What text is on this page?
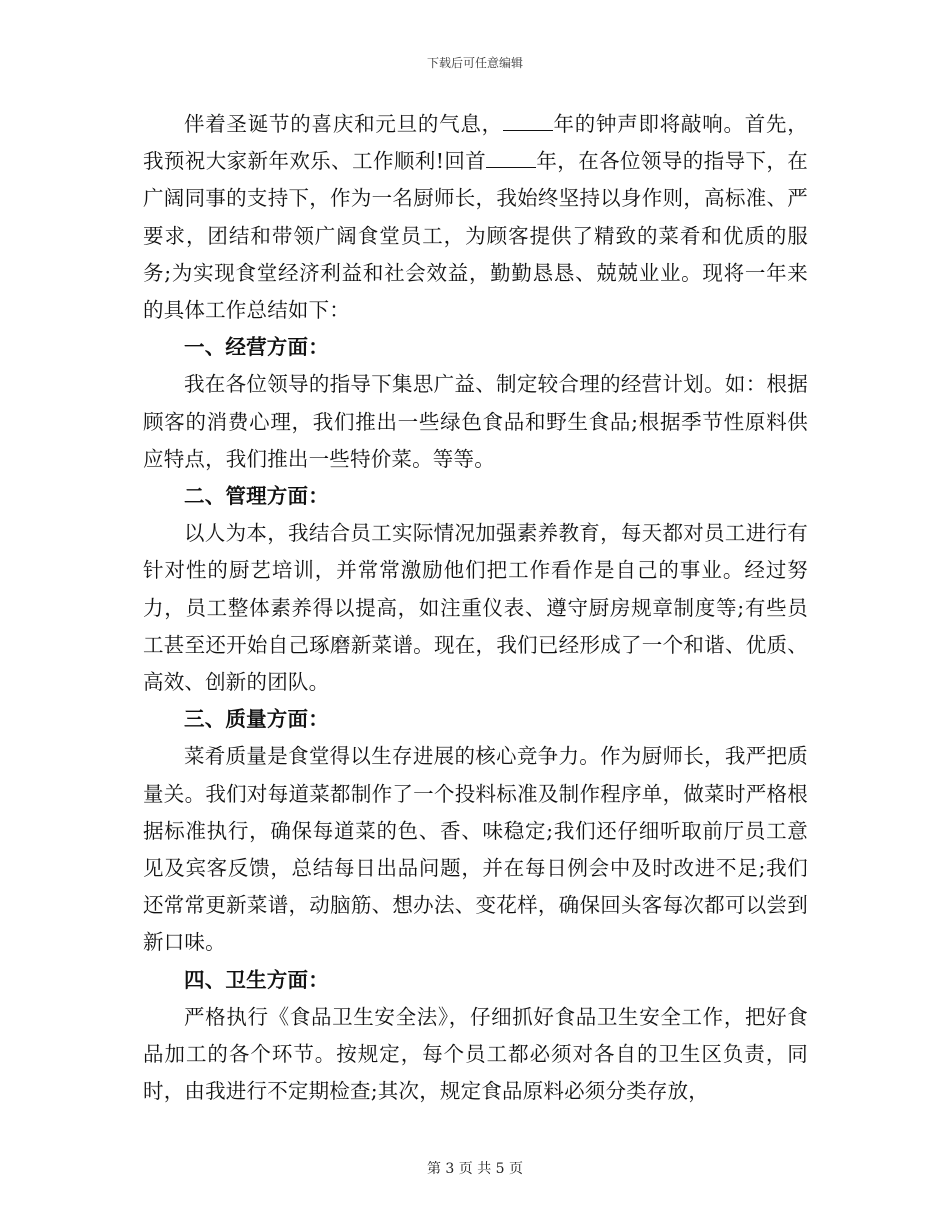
下载后可任意编辑

伴着圣诞节的喜庆和元旦的气息， 年的钟声即将敲响。首先，我预祝大家新年欢乐、工作顺利!回首 年，在各位领导的指导下，在广阔同事的支持下，作为一名厨师长，我始终坚持以身作则，高标准、严要求，团结和带领广阔食堂员工，为顾客提供了精致的菜肴和优质的服务;为实现食堂经济利益和社会效益，勤勤恳恳、兢兢业业。现将一年来的具体工作总结如下：

一、经营方面：

我在各位领导的指导下集思广益、制定较合理的经营计划。如：根据顾客的消费心理，我们推出一些绿色食品和野生食品;根据季节性原料供应特点，我们推出一些特价菜。等等。

二、管理方面：

以人为本，我结合员工实际情况加强素养教育，每天都对员工进行有针对性的厨艺培训，并常常激励他们把工作看作是自己的事业。经过努力，员工整体素养得以提高，如注重仪表、遵守厨房规章制度等;有些员工甚至还开始自己琢磨新菜谱。现在，我们已经形成了一个和谐、优质、高效、创新的团队。

三、质量方面：

菜肴质量是食堂得以生存进展的核心竞争力。作为厨师长，我严把质量关。我们对每道菜都制作了一个投料标准及制作程序单，做菜时严格根据标准执行，确保每道菜的色、香、味稳定;我们还仔细听取前厅员工意见及宾客反馈，总结每日出品问题，并在每日例会中及时改进不足;我们还常常更新菜谱，动脑筋、想办法、变花样，确保回头客每次都可以尝到新口味。

四、卫生方面：

严格执行《食品卫生安全法》，仔细抓好食品卫生安全工作，把好食品加工的各个环节。按规定，每个员工都必须对各自的卫生区负责，同时，由我进行不定期检查;其次，规定食品原料必须分类存放，

第 3 页 共 5 页
